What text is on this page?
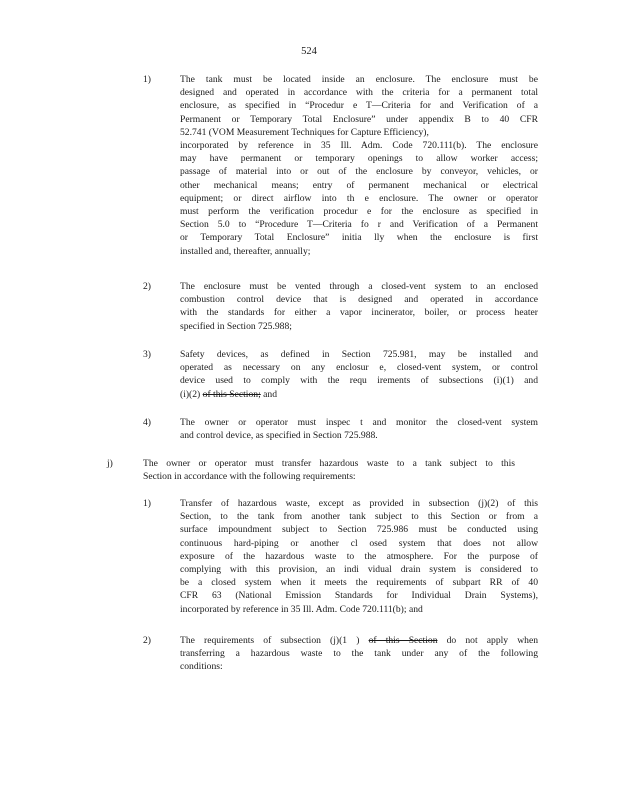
524
1)	The tank must be located inside an enclosure. The enclosure must be
designed and operated in accordance with the criteria for a permanent total
enclosure, as specified in “Procedur e T—Criteria for and Verification of a
Permanent or Temporary Total Enclosure” under appendix B to 40 CFR
52.741 (VOM Measurement Techniques for Capture Efficiency),
incorporated by reference in 35 Ill. Adm. Code 720.111(b). The enclosure
may have permanent or temporary openings to allow worker access;
passage of material into or out of the enclosure by conveyor, vehicles, or
other mechanical means; entry of permanent mechanical or electrical
equipment; or direct airflow into th e enclosure. The owner or operator
must perform the verification procedur e for the enclosure as specified in
Section 5.0 to “Procedure T—Criteria fo r and Verification of a Permanent
or Temporary Total Enclosure” initia lly when the enclosure is first
installed and, thereafter, annually;
2)	The enclosure must be vented through a closed-vent system to an enclosed
combustion control device that is designed and operated in accordance
with the standards for either a vapor incinerator, boiler, or process heater
specified in Section 725.988;
3)	Safety devices, as defined in Section 725.981, may be installed and
operated as necessary on any enclosur e, closed-vent system, or control
device used to comply with the requ irements of subsections (i)(1) and
(i)(2) of this Section; and
4)	The owner or operator must inspec t and monitor the closed-vent system
and control device, as specified in Section 725.988.
j)	The owner or operator must transfer hazardous waste to a tank subject to this
Section in accordance with the following requirements:
1)	Transfer of hazardous waste, except as provided in subsection (j)(2) of this
Section, to the tank from another tank subject to this Section or from a
surface impoundment subject to Section 725.986 must be conducted using
continuous hard-piping or another cl osed system that does not allow
exposure of the hazardous waste to the atmosphere. For the purpose of
complying with this provision, an indi vidual drain system is considered to
be a closed system when it meets the requirements of subpart RR of 40
CFR 63 (National Emission Standards for Individual Drain Systems),
incorporated by reference in 35 Ill. Adm. Code 720.111(b); and
2)	The requirements of subsection (j)(1 ) of this Section do not apply when
transferring a hazardous waste to the tank under any of the following
conditions:
